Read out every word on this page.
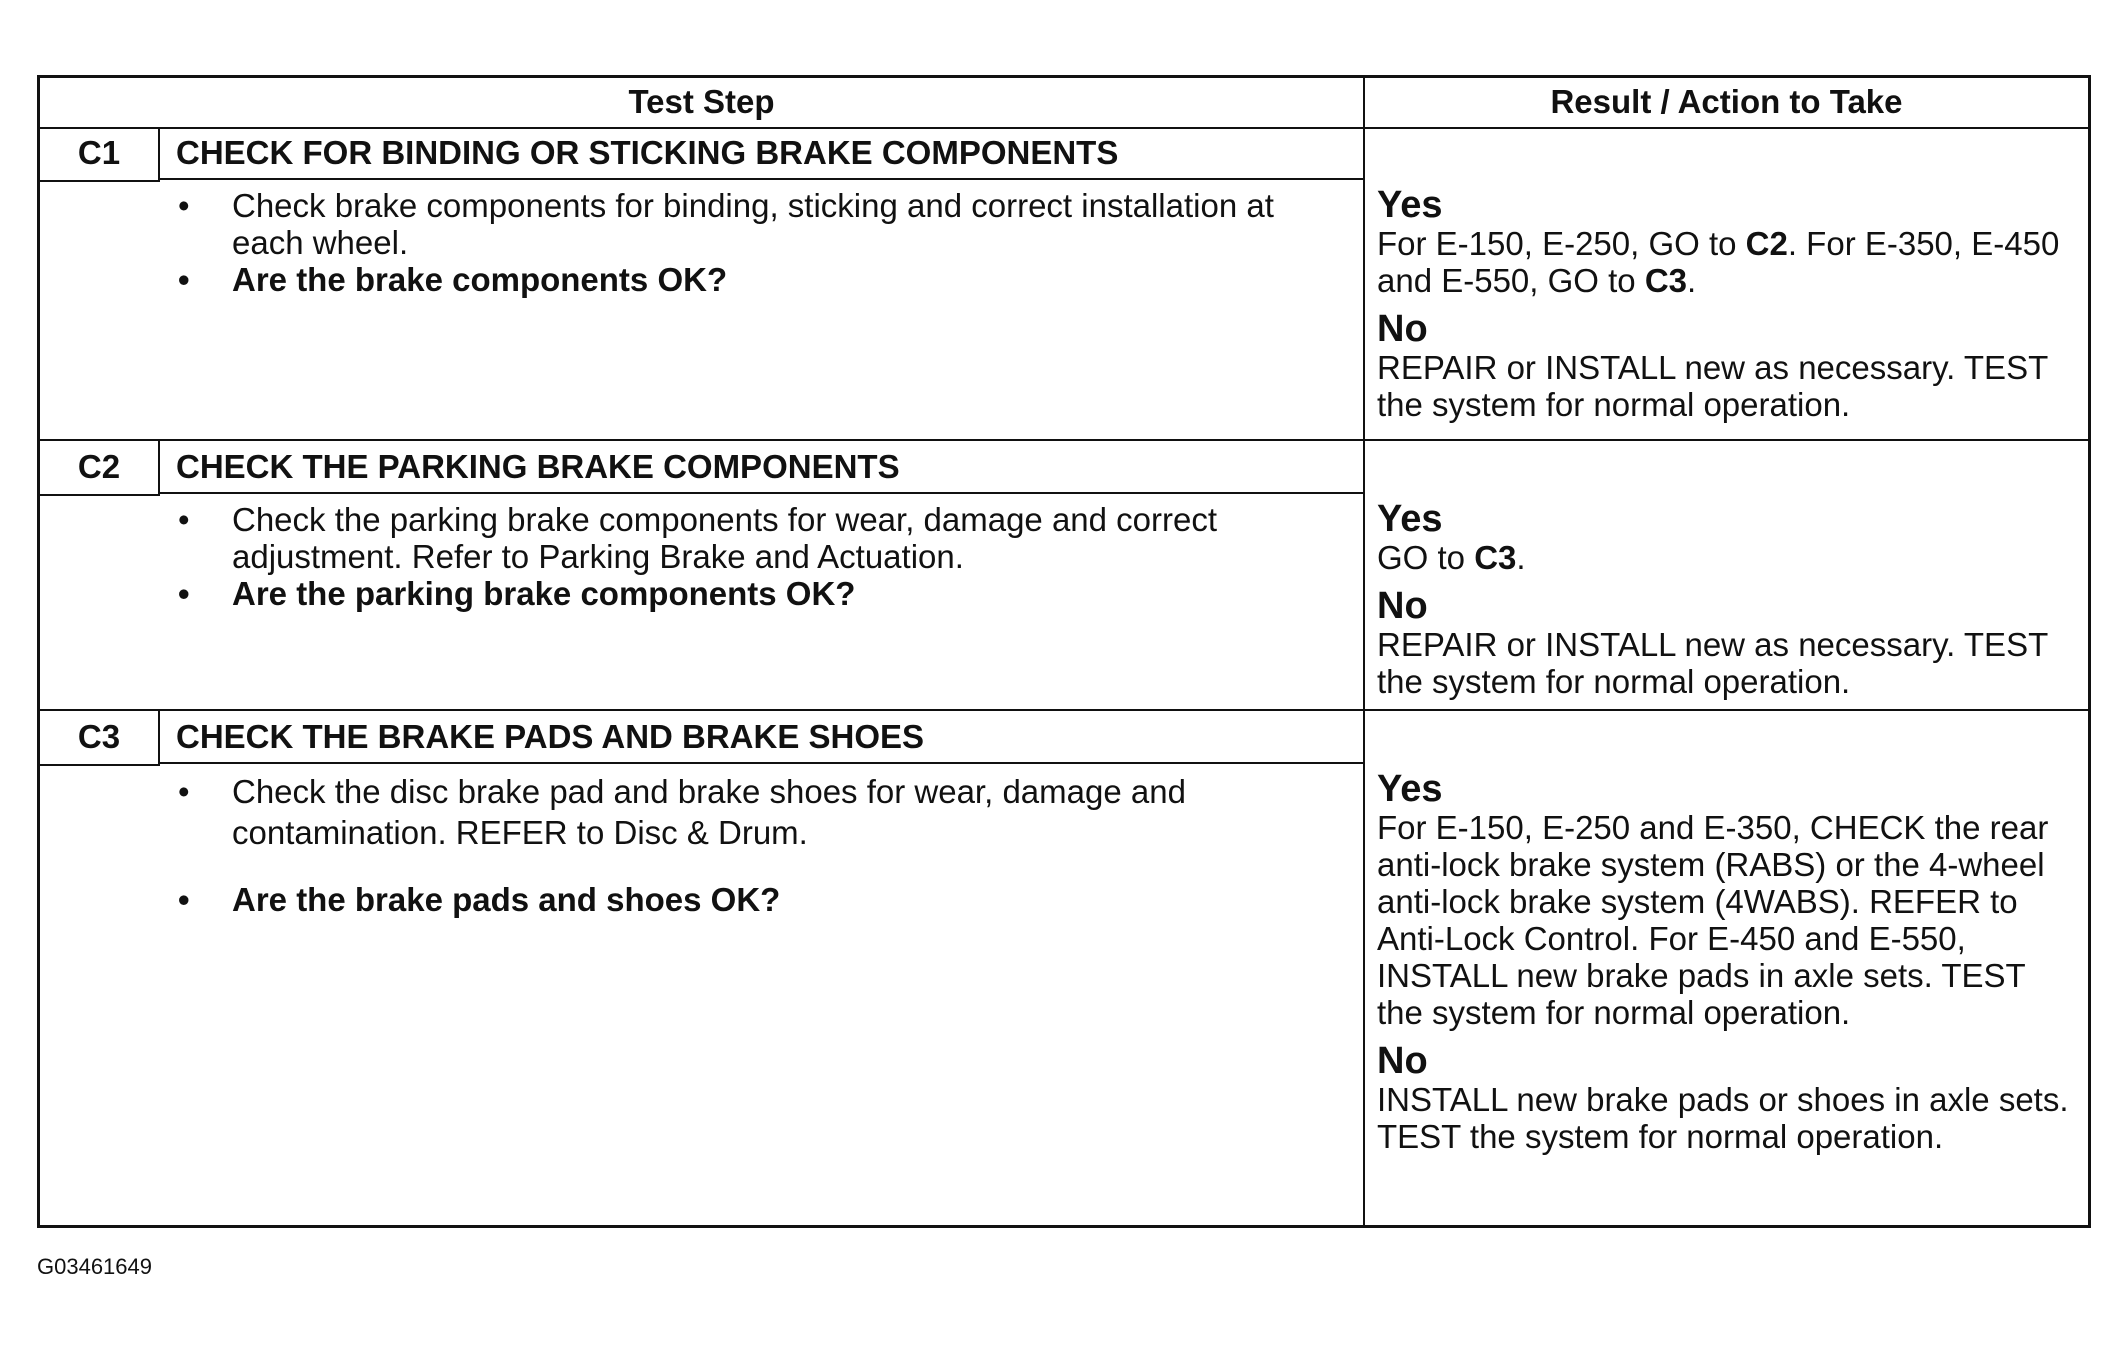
Test Step	Result / Action to Take
C1	CHECK FOR BINDING OR STICKING BRAKE COMPONENTS
• Check brake components for binding, sticking and correct installation at each wheel.
• Are the brake components OK?
Yes
For E-150, E-250, GO to C2. For E-350, E-450 and E-550, GO to C3.
No
REPAIR or INSTALL new as necessary. TEST the system for normal operation.
C2	CHECK THE PARKING BRAKE COMPONENTS
• Check the parking brake components for wear, damage and correct adjustment. Refer to Parking Brake and Actuation.
• Are the parking brake components OK?
Yes
GO to C3.
No
REPAIR or INSTALL new as necessary. TEST the system for normal operation.
C3	CHECK THE BRAKE PADS AND BRAKE SHOES
• Check the disc brake pad and brake shoes for wear, damage and contamination. REFER to Disc & Drum.
• Are the brake pads and shoes OK?
Yes
For E-150, E-250 and E-350, CHECK the rear anti-lock brake system (RABS) or the 4-wheel anti-lock brake system (4WABS). REFER to Anti-Lock Control. For E-450 and E-550, INSTALL new brake pads in axle sets. TEST the system for normal operation.
No
INSTALL new brake pads or shoes in axle sets. TEST the system for normal operation.
G03461649
